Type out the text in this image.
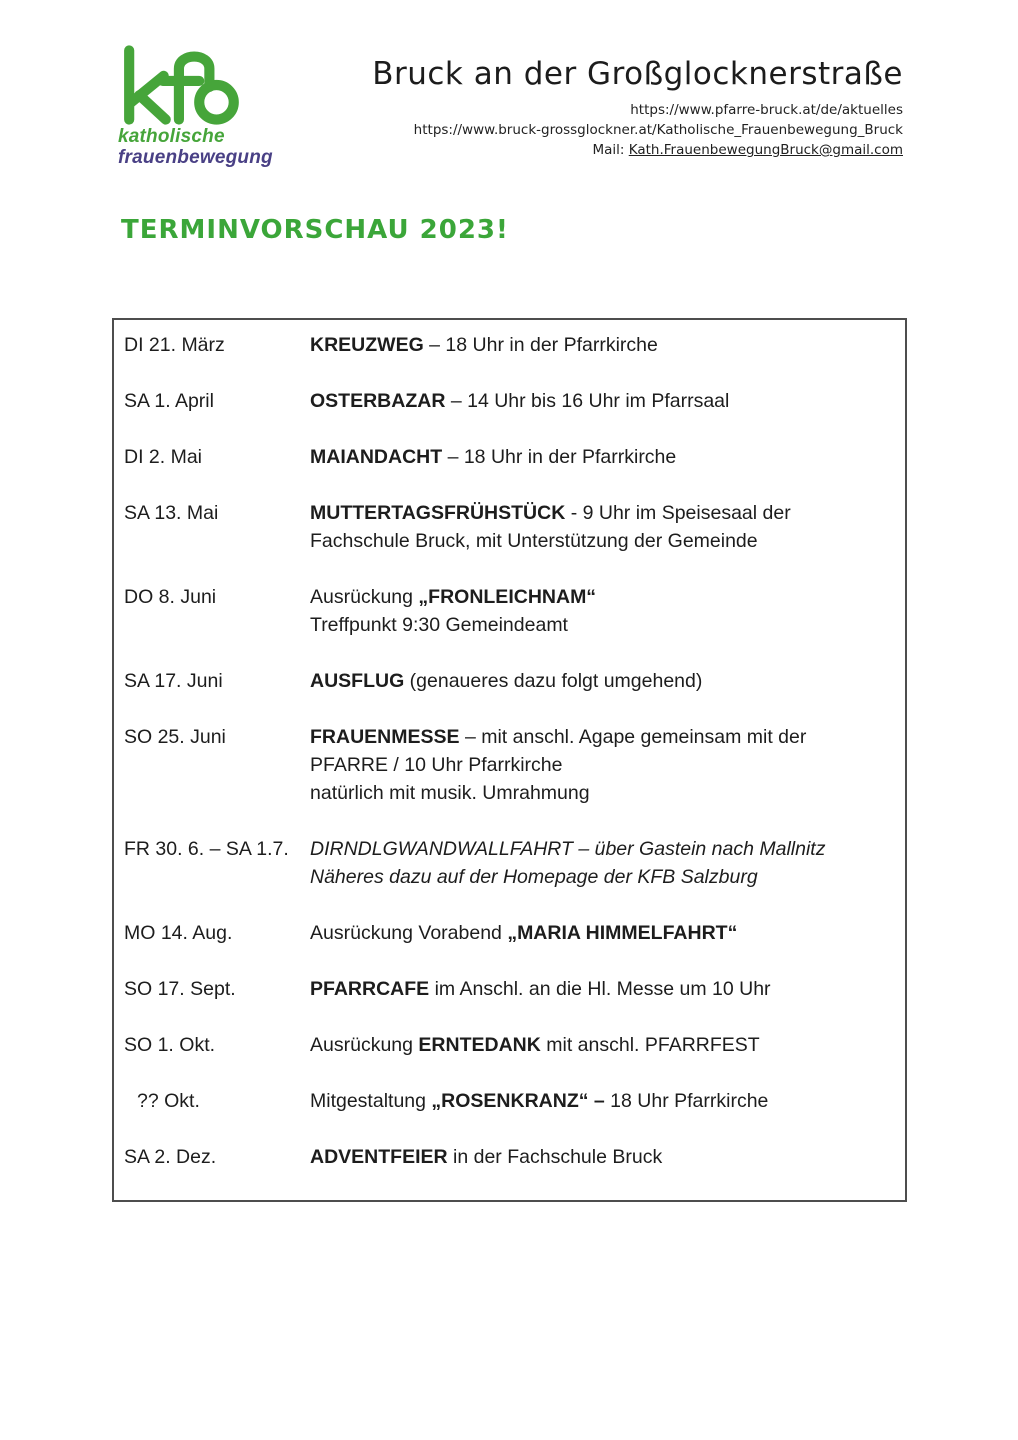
katholische
frauenbewegung
Bruck an der Großglocknerstraße
https://www.pfarre-bruck.at/de/aktuelles
https://www.bruck-grossglockner.at/Katholische_Frauenbewegung_Bruck
Mail: Kath.FrauenbewegungBruck@gmail.com
TERMINVORSCHAU 2023!
DI 21. März	KREUZWEG – 18 Uhr in der Pfarrkirche
SA 1. April	OSTERBAZAR – 14 Uhr bis 16 Uhr im Pfarrsaal
DI 2. Mai	MAIANDACHT – 18 Uhr in der Pfarrkirche
SA 13. Mai	MUTTERTAGSFRÜHSTÜCK - 9 Uhr im Speisesaal der
Fachschule Bruck, mit Unterstützung der Gemeinde
DO 8. Juni	Ausrückung „FRONLEICHNAM“
Treffpunkt 9:30 Gemeindeamt
SA 17. Juni	AUSFLUG (genaueres dazu folgt umgehend)
SO 25. Juni	FRAUENMESSE – mit anschl. Agape gemeinsam mit der
PFARRE / 10 Uhr Pfarrkirche
natürlich mit musik. Umrahmung
FR 30. 6. – SA 1.7.	DIRNDLGWANDWALLFAHRT – über Gastein nach Mallnitz
Näheres dazu auf der Homepage der KFB Salzburg
MO 14. Aug.	Ausrückung Vorabend „MARIA HIMMELFAHRT“
SO 17. Sept.	PFARRCAFE im Anschl. an die Hl. Messe um 10 Uhr
SO 1. Okt.	Ausrückung ERNTEDANK mit anschl. PFARRFEST
?? Okt.	Mitgestaltung „ROSENKRANZ“ – 18 Uhr Pfarrkirche
SA 2. Dez.	ADVENTFEIER in der Fachschule Bruck
